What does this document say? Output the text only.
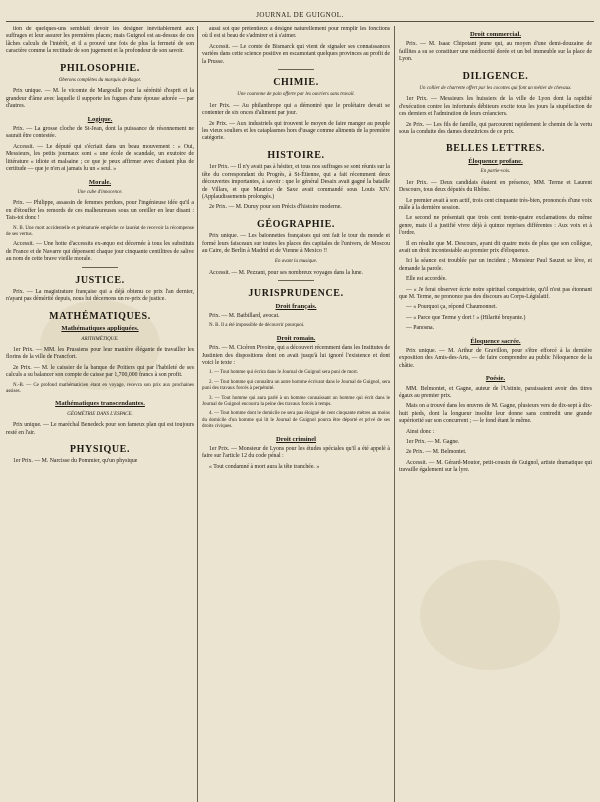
JOURNAL DE GUIGNOL.

tion de quelques-uns semblait devoir les désigner inévitablement aux suffrages et leur assurer les premières places; mais Guignol est au-dessus de ces lâches calculs de l'intérêt, et il a prouvé une fois de plus la fermeté de son caractère comme la rectitude de son jugement et la profondeur de son savoir.

PHILOSOPHIE.
Oberons complètes du marquis de Bagot.

Prix unique. — M. le vicomte de Margoulle pour la sérénité d'esprit et la grandeur d'âme avec laquelle il supporte les fugues d'une épouse adorée — par d'autres.

Logique.

Prix. — La grosse cloche de St-Jean, dont la puissance de résonnement ne saurait être contestée.

Accessit. — Le député qui s'écriait dans un beau mouvement : « Oui, Messieurs, les petits journaux sont « une école de scandale, un exutoire de littérature « idiote et malsaine ; ce que je peux affirmer avec d'autant plus de certitude — que je n'en ai jamais lu un « seul. »

Morale.
Une cube d'innocence.

Prix. — Philippe, assassin de femmes perdues, pour l'ingénieuse idée qu'il a eu d'étouffer les remords de ces malheureuses sous un oreiller en leur disant : Tais-toi donc !

N. B. Une mort accidentelle et prématurée empêche ce lauréat de recevoir la récompense de ses vertus.

Accessit. — Une hotte d'accessits ex-æquo est décernée à tous les substituts de France et de Navarre qui dépensent chaque jour cinquante centilitres de salive au nom de cette brave vieille morale.

JUSTICE.

Prix. — La magistrature française qui a déjà obtenu ce prix l'an dernier, n'ayant pas démérité depuis, nous lui décernons un re-prix de justice.

MATHÉMATIQUES.
Mathématiques appliquées.
ARITHMÉTIQUE.

1er Prix. — MM. les Prussiens pour leur manière élégante de travailler les florins de la ville de Francfort.

2e Prix. — M. le caissier de la banque de Poitiers qui par l'habileté de ses calculs a su balancer son compte de caisse par 1,700,000 francs à son profit.

N.-B. — Ce profond mathématicien étant en voyage, recevra son prix aux prochaines assises.

Mathématiques transcendantes.
GÉOMÉTRIE DANS L'ESPACE.

Prix unique. — Le maréchal Benedeck pour son fameux plan qui est toujours resté en l'air.

PHYSIQUE.

1er Prix. — M. Narcisse du Pommier, qu'un physique

aussi sot que prétentieux a désigné naturellement pour remplir les fonctions où il est si beau de s'admirer et à s'aimer.

Accessit. — Le comte de Bismarck qui vient de signaler ses connaissances variées dans cette science positive en escamotant quelques provinces au profit de la Prusse.

CHIMIE.
Une couronne de pain offerte par les ouvriers sans travail.

1er Prix. — Au philanthrope qui a démontré que le prolétaire devait se contenter de six onces d'aliment par jour.

2e Prix. — Aux industriels qui trouvent le moyen de faire manger au peuple les vieux souliers et les cataplasmes hors d'usage comme aliments de la première catégorie.

HISTOIRE.

1er Prix. — Il n'y avait pas à hésiter, et tous nos suffrages se sont réunis sur la tête du correspondant du Progrès, à St-Étienne, qui a fait récemment deux découvertes importantes, à savoir : que le général Desaix avait gagné la bataille de Villars, et que Maurice de Saxe avait commandé sous Louis XIV. (Applaudissements prolongés.)

2e Prix. — M. Duruy pour son Précis d'histoire moderne.

GÉOGRAPHIE.

Prix unique. — Les baïonnettes françaises qui ont fait le tour du monde et formé leurs faisceaux sur toutes les places des capitales de l'univers, de Moscou au Caire, de Berlin à Madrid et de Vienne à Mexico !!

En avant la musique.

Accessit. — M. Pezzani, pour ses nombreux voyages dans la lune.

JURISPRUDENCE.
Droit français.

Prix. — M. Batbillard, avocat.

N. B. Il a été impossible de découvrir pourquoi.

Droit romain.

Prix. — M. Cicéron Pivoine, qui a découvert récemment dans les Institutes de Justinien des dispositions dont on avait jusqu'à lui ignoré l'existence et dont voici le texte :

1. — Tout homme qui écrira dans le Journal de Guignol sera puni de mort.

2. — Tout homme qui connaîtra un autre homme écrivant dans le Journal de Guignol, sera puni des travaux forcés à perpétuité.

3. — Tout homme qui aura parlé à un homme connaissant un homme qui écrit dans le Journal de Guignol encourra la peine des travaux forcés à temps.

4. — Tout homme dont le domicile ne sera pas éloigné de cent cinquante mètres au moins du domicile d'un homme qui lit le Journal de Guignol pourra être déporté et privé de ses droits civiques.

Droit criminel

1er Prix. — Monsieur de Lyons pour les études spéciales qu'il a été appelé à faire sur l'article 12 du code pénal :

« Tout condamné à mort aura la tête tranchée. »

Droit commercial.

Prix. — M. Isaac Chipotant jeune qui, au moyen d'une demi-douzaine de faillites a su se constituer une médiocrité dorée et un bel immeuble sur la place de Lyon.

DILIGENCE.
Un collier de charrette offert par les cocottes qui font un métier de chevaux.

1er Prix. — Messieurs les huissiers de la ville de Lyon dont la rapidité d'exécution contre les infortunés débiteurs excite tous les jours la stupéfaction de ces derniers et l'admiration de leurs créanciers.

2e Prix. — Les fils de famille, qui parcourent rapidement le chemin de la vertu sous la conduite des dames donzitrices de ce prix.

BELLES LETTRES.
Éloquence profane.
En partie-vois.

1er Prix. — Deux candidats étaient en présence, MM. Terme et Laurent Descours, tous deux députés du Rhône.

Le premier avait à son actif, trois cent cinquante très-bien, prononcés d'une voix mâle à la dernière session.

Le second ne présentait que trois cent trente-quatre exclamations du même genre, mais il a justifié vivre déjà à quinze reprises différentes : Aux voix et à l'ordre.

Il en résulte que M. Descours, ayant dit quatre mots de plus que son collègue, avait un droit incontestable au premier prix d'éloquence.

Ici la séance est troublée par un incident ; Monsieur Paul Sauzet se lève, et demande la parole.

Elle est accordée.

— « Je ferai observer écrie notre spirituel compatriote, qu'il n'est pas étonnant que M. Terme, ne prononce pas des discours au Corps-Législatif.

— « Pourquoi ça, répond Chaumonnet.

— « Parce que Terme y dort ! » (Hilarité bruyante.)

— Panosna.

Éloquence sacrée.

Prix unique. — M. Arthur de Gravillon, pour s'être efforcé à la dernière exposition des Amis-des-Arts, — de faire comprendre au public l'éloquence de la châtie.

Poésie.

MM. Belmontet, et Gagne, auteur de l'Ustinie, paraissaient avoir des titres égaux au premier prix.

Mais on a trouvé dans les œuvres de M. Gagne, plusieurs vers de dix-sept à dix-huit pieds, dont la longueur insolite leur donne sans contredit une grande supériorité sur son concurrent ; — le fond étant le même.

Ainsi donc :

1er Prix. — M. Gagne.

2e Prix. — M. Belmontet.

Accessit. — M. Gérard-Moutor, petit-cousin de Guignol, artiste dramatique qui travaille également sur la lyre.
